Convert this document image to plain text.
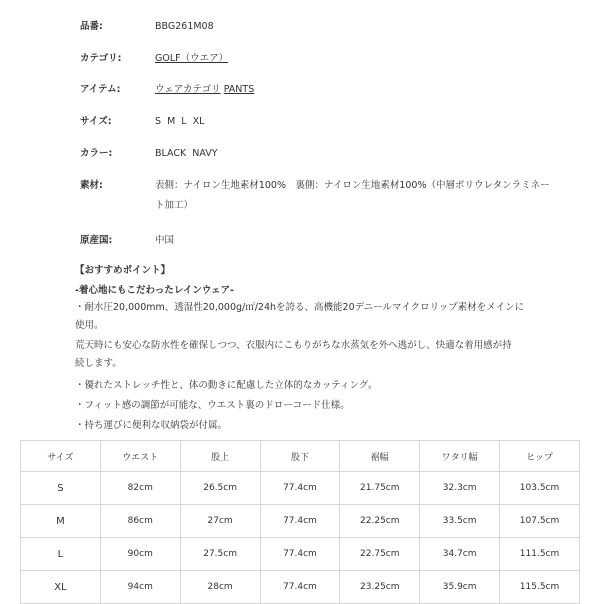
品番:	BBG261M08
カテゴリ:	GOLF（ウエア）
アイテム:	ウェアカテゴリ PANTS
サイズ:	S  M  L  XL
カラー:	BLACK  NAVY
素材:	表側：ナイロン生地素材100%　裏側：ナイロン生地素材100%（中層ポリウレタンラミネート加工）
原産国:	中国

【おすすめポイント】

-着心地にもこだわったレインウェア-

・耐水圧20,000mm、透湿性20,000g/㎡/24hを誇る、高機能20デニールマイクロリップ素材をメインに

使用。

荒天時にも安心な防水性を確保しつつ、衣服内にこもりがちな水蒸気を外へ逃がし、快適な着用感が持

続します。

・優れたストレッチ性と、体の動きに配慮した立体的なカッティング。

・フィット感の調節が可能な、ウエスト裏のドローコード仕様。

・持ち運びに便利な収納袋が付属。

サイズ	ウエスト	股上	股下	裾幅	ワタリ幅	ヒップ
S	82cm	26.5cm	77.4cm	21.75cm	32.3cm	103.5cm
M	86cm	27cm	77.4cm	22.25cm	33.5cm	107.5cm
L	90cm	27.5cm	77.4cm	22.75cm	34.7cm	111.5cm
XL	94cm	28cm	77.4cm	23.25cm	35.9cm	115.5cm
